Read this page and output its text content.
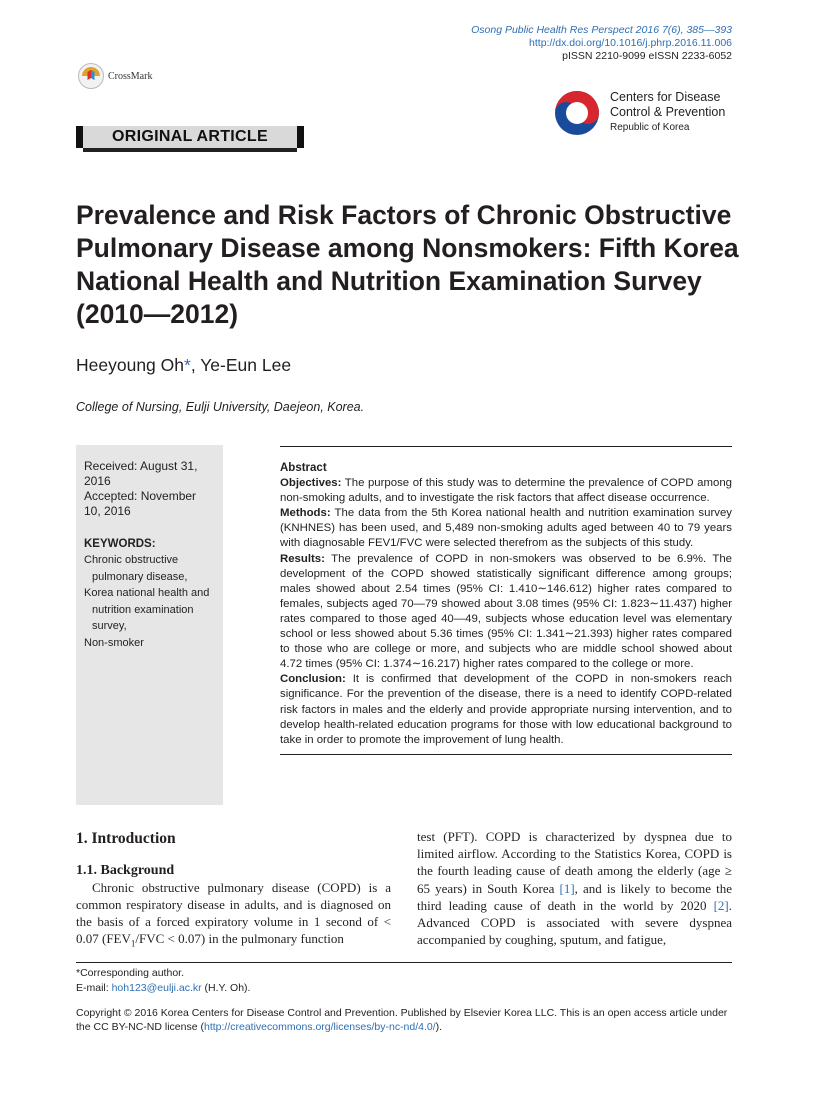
Osong Public Health Res Perspect 2016 7(6), 385—393
http://dx.doi.org/10.1016/j.phrp.2016.11.006
pISSN 2210-9099 eISSN 2233-6052
CrossMark
Centers for Disease
Control & Prevention
Republic of Korea
ORIGINAL ARTICLE
Prevalence and Risk Factors of Chronic Obstructive Pulmonary Disease among Nonsmokers: Fifth Korea National Health and Nutrition Examination Survey (2010—2012)
Heeyoung Oh*, Ye-Eun Lee
College of Nursing, Eulji University, Daejeon, Korea.
Received: August 31, 2016
Accepted: November 10, 2016
KEYWORDS:
Chronic obstructive pulmonary disease,
Korea national health and nutrition examination survey,
Non-smoker

Abstract

Objectives: The purpose of this study was to determine the prevalence of COPD among non-smoking adults, and to investigate the risk factors that affect disease occurrence.

Methods: The data from the 5th Korea national health and nutrition examination survey (KNHNES) has been used, and 5,489 non-smoking adults aged between 40 to 79 years with diagnosable FEV1/FVC were selected therefrom as the subjects of this study.

Results: The prevalence of COPD in non-smokers was observed to be 6.9%. The development of the COPD showed statistically significant difference among groups; males showed about 2.54 times (95% CI: 1.410∼146.612) higher rates compared to females, subjects aged 70—79 showed about 3.08 times (95% CI: 1.823∼11.437) higher rates compared to those aged 40—49, subjects whose education level was elementary school or less showed about 5.36 times (95% CI: 1.341∼21.393) higher rates compared to those who are college or more, and subjects who are middle school showed about 4.72 times (95% CI: 1.374∼16.217) higher rates compared to the college or more.

Conclusion: It is confirmed that development of the COPD in non-smokers reach significance. For the prevention of the disease, there is a need to identify COPD-related risk factors in males and the elderly and provide appropriate nursing intervention, and to develop health-related education programs for those with low educational background to take in order to promote the improvement of lung health.

1. Introduction
1.1. Background
Chronic obstructive pulmonary disease (COPD) is a common respiratory disease in adults, and is diagnosed on the basis of a forced expiratory volume in 1 second of < 0.07 ($FEV_1$/FVC < 0.07) in the pulmonary function
test (PFT). COPD is characterized by dyspnea due to limited airflow. According to the Statistics Korea, COPD is the fourth leading cause of death among the elderly (age ≥ 65 years) in South Korea [1], and is likely to become the third leading cause of death in the world by 2020 [2]. Advanced COPD is associated with severe dyspnea accompanied by coughing, sputum, and fatigue,
*Corresponding author.
E-mail: hoh123@eulji.ac.kr (H.Y. Oh).
Copyright © 2016 Korea Centers for Disease Control and Prevention. Published by Elsevier Korea LLC. This is an open access article under the CC BY-NC-ND license (http://creativecommons.org/licenses/by-nc-nd/4.0/).
